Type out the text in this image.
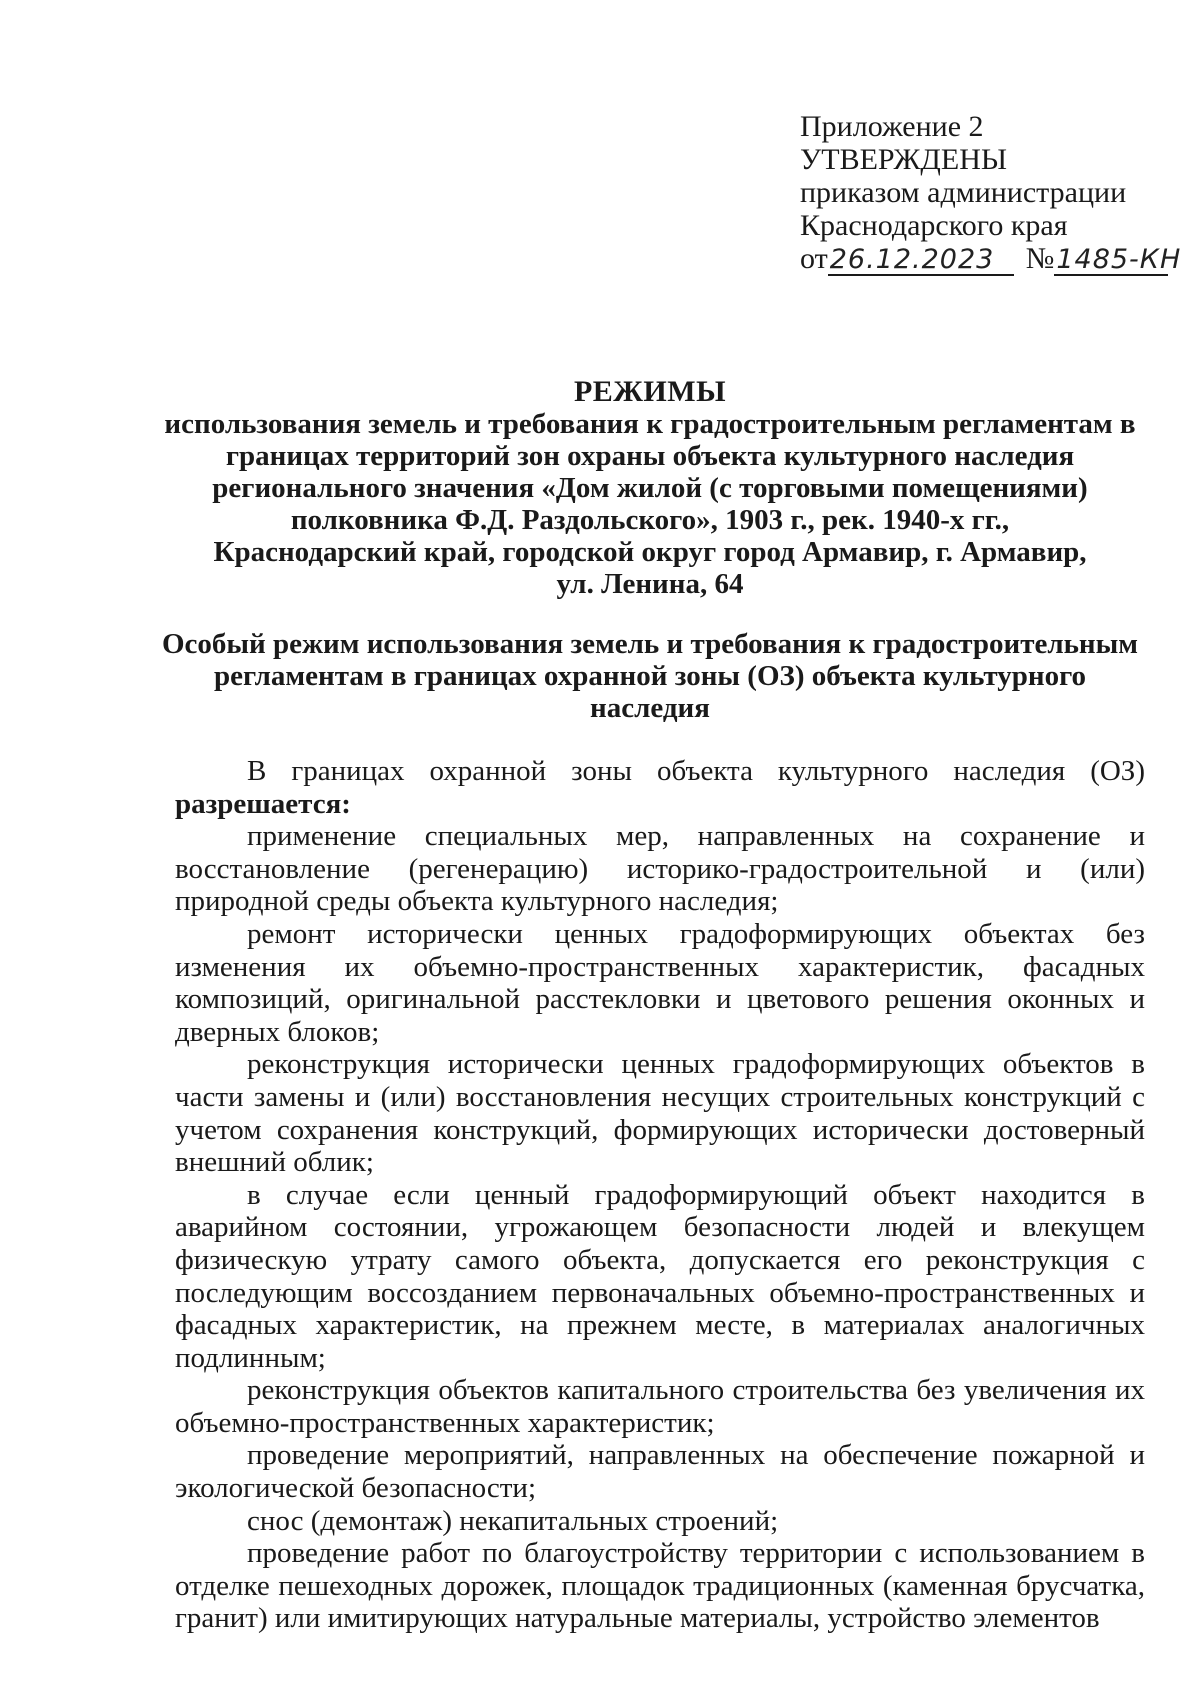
Приложение 2

УТВЕРЖДЕНЫ

приказом администрации

Краснодарского края

от 26.12.2023	№ 1485-КН

РЕЖИМЫ

использования земель и требования к градостроительным регламентам в

границах территорий зон охраны объекта культурного наследия

регионального значения «Дом жилой (с торговыми помещениями)

полковника Ф.Д. Раздольского», 1903 г., рек. 1940-х гг.,

Краснодарский край, городской округ город Армавир, г. Армавир,

ул. Ленина, 64

Особый режим использования земель и требования к градостроительным

регламентам в границах охранной зоны (ОЗ) объекта культурного

наследия

В границах охранной зоны объекта культурного наследия (ОЗ) разрешается:

применение специальных мер, направленных на сохранение и восстановление (регенерацию) историко-градостроительной и (или) природной среды объекта культурного наследия;

ремонт исторически ценных градоформирующих объектах без изменения их объемно-пространственных характеристик, фасадных композиций, оригинальной расстекловки и цветового решения оконных и дверных блоков;

реконструкция исторически ценных градоформирующих объектов в части замены и (или) восстановления несущих строительных конструкций с учетом сохранения конструкций, формирующих исторически достоверный внешний облик;

в случае если ценный градоформирующий объект находится в аварийном состоянии, угрожающем безопасности людей и влекущем физическую утрату самого объекта, допускается его реконструкция с последующим воссозданием первоначальных объемно-пространственных и фасадных характеристик, на прежнем месте, в материалах аналогичных подлинным;

реконструкция объектов капитального строительства без увеличения их объемно-пространственных характеристик;

проведение мероприятий, направленных на обеспечение пожарной и экологической безопасности;

снос (демонтаж) некапитальных строений;

проведение работ по благоустройству территории с использованием в отделке пешеходных дорожек, площадок традиционных (каменная брусчатка, гранит) или имитирующих натуральные материалы, устройство элементов
